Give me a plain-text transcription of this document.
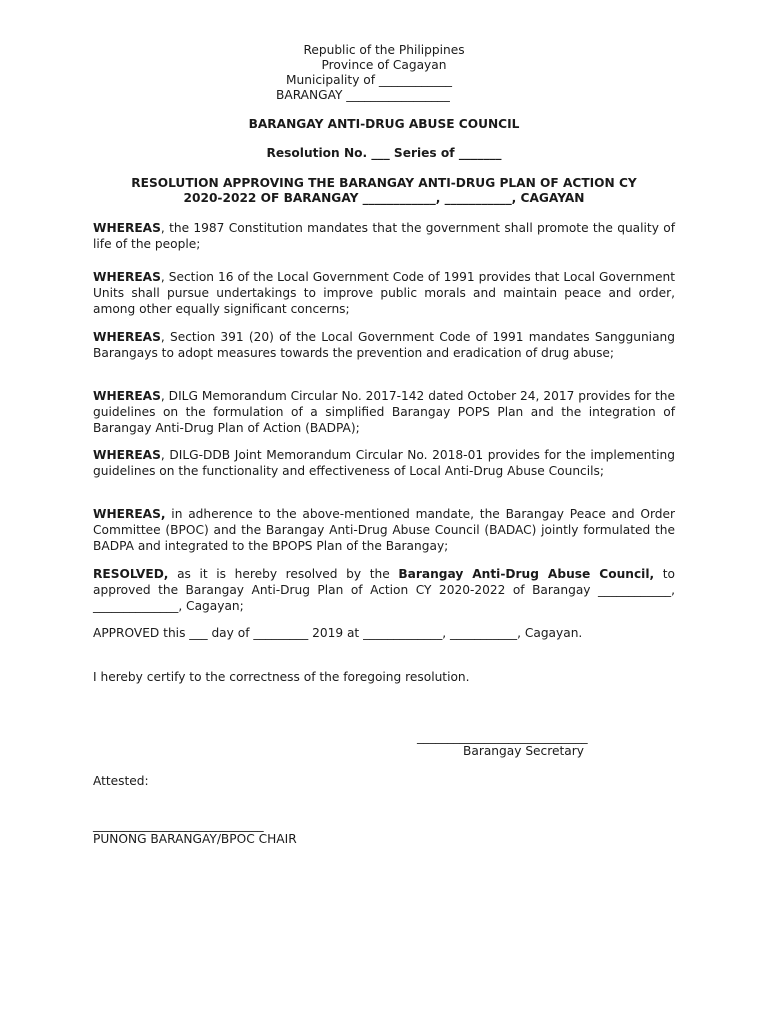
Republic of the Philippines
Province of Cagayan
Municipality of ____________
BARANGAY _________________
BARANGAY ANTI-DRUG ABUSE COUNCIL
Resolution No. ___ Series of _______
RESOLUTION APPROVING THE BARANGAY ANTI-DRUG PLAN OF ACTION CY
2020-2022 OF BARANGAY ____________, ___________, CAGAYAN
WHEREAS, the 1987 Constitution mandates that the government shall promote the quality of life of the people;
WHEREAS, Section 16 of the Local Government Code of 1991 provides that Local Government Units shall pursue undertakings to improve public morals and maintain peace and order, among other equally significant concerns;
WHEREAS, Section 391 (20) of the Local Government Code of 1991 mandates Sangguniang Barangays to adopt measures towards the prevention and eradication of drug abuse;
WHEREAS, DILG Memorandum Circular No. 2017-142 dated October 24, 2017 provides for the guidelines on the formulation of a simplified Barangay POPS Plan and the integration of Barangay Anti-Drug Plan of Action (BADPA);
WHEREAS, DILG-DDB Joint Memorandum Circular No. 2018-01 provides for the implementing guidelines on the functionality and effectiveness of Local Anti-Drug Abuse Councils;
WHEREAS, in adherence to the above-mentioned mandate, the Barangay Peace and Order Committee (BPOC) and the Barangay Anti-Drug Abuse Council (BADAC) jointly formulated the BADPA and integrated to the BPOPS Plan of the Barangay;
RESOLVED, as it is hereby resolved by the Barangay Anti-Drug Abuse Council, to approved the Barangay Anti-Drug Plan of Action CY 2020-2022 of Barangay ____________, ______________, Cagayan;
APPROVED this ___ day of _________ 2019 at _____________, ___________, Cagayan.
I hereby certify to the correctness of the foregoing resolution.
____________________________
Barangay Secretary
Attested:
____________________________
PUNONG BARANGAY/BPOC CHAIR
